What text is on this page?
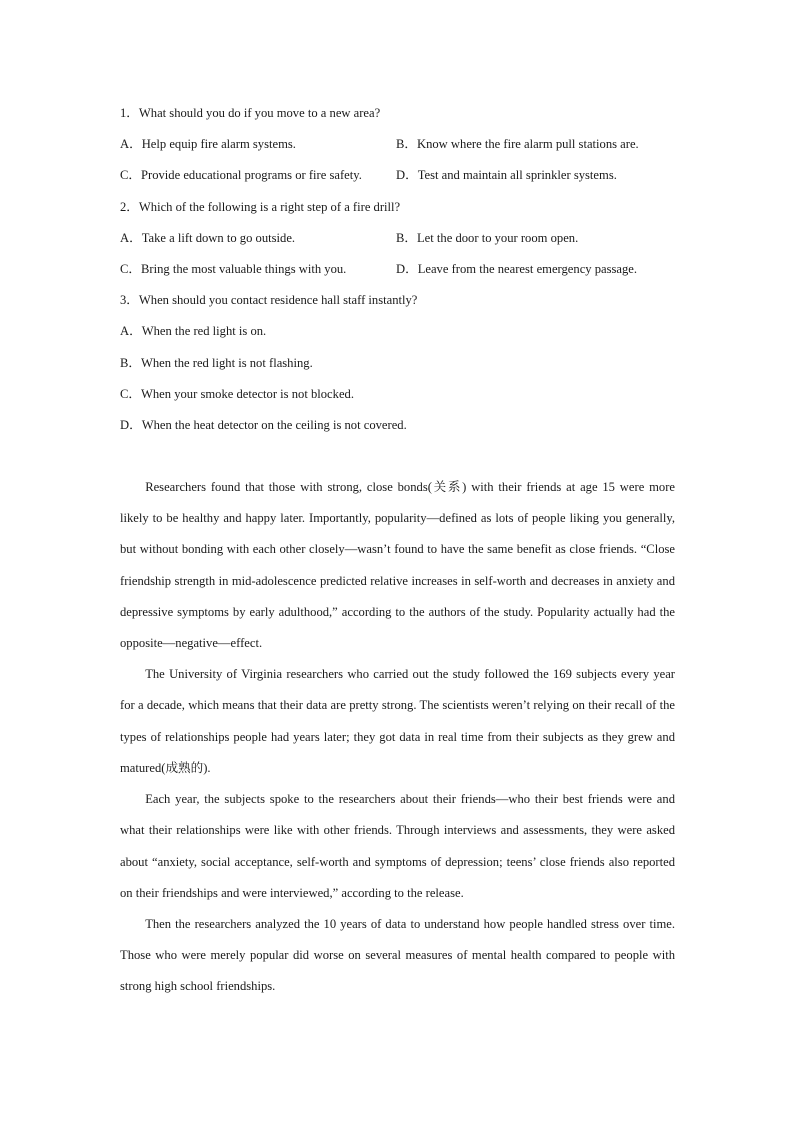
1．What should you do if you move to a new area?
A．Help equip fire alarm systems.	B．Know where the fire alarm pull stations are.
C．Provide educational programs or fire safety.	D．Test and maintain all sprinkler systems.
2．Which of the following is a right step of a fire drill?
A．Take a lift down to go outside.	B．Let the door to your room open.
C．Bring the most valuable things with you.	D．Leave from the nearest emergency passage.
3．When should you contact residence hall staff instantly?
A．When the red light is on.
B．When the red light is not flashing.
C．When your smoke detector is not blocked.
D．When the heat detector on the ceiling is not covered.

Researchers found that those with strong, close bonds(关系) with their friends at age 15 were more likely to be healthy and happy later. Importantly, popularity—defined as lots of people liking you generally, but without bonding with each other closely—wasn’t found to have the same benefit as close friends. “Close friendship strength in mid-adolescence predicted relative increases in self-worth and decreases in anxiety and depressive symptoms by early adulthood,” according to the authors of the study. Popularity actually had the opposite—negative—effect.

The University of Virginia researchers who carried out the study followed the 169 subjects every year for a decade, which means that their data are pretty strong. The scientists weren’t relying on their recall of the types of relationships people had years later; they got data in real time from their subjects as they grew and matured(成熟的).

Each year, the subjects spoke to the researchers about their friends—who their best friends were and what their relationships were like with other friends. Through interviews and assessments, they were asked about “anxiety, social acceptance, self-worth and symptoms of depression; teens’ close friends also reported on their friendships and were interviewed,” according to the release.

Then the researchers analyzed the 10 years of data to understand how people handled stress over time. Those who were merely popular did worse on several measures of mental health compared to people with strong high school friendships.
